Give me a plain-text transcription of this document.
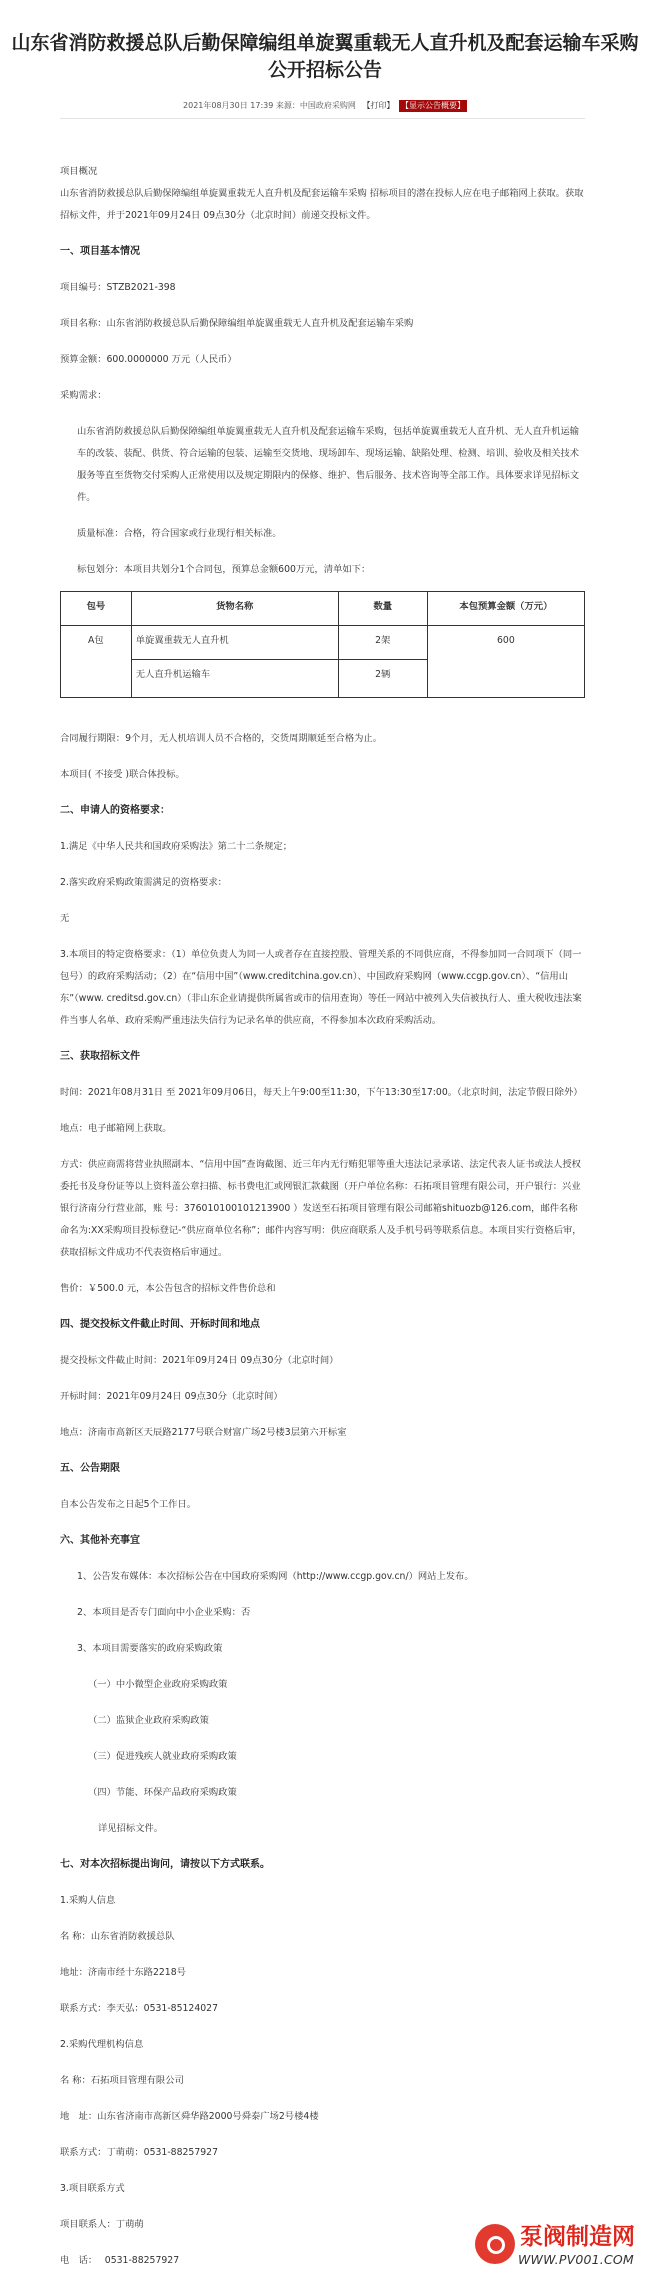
山东省消防救援总队后勤保障编组单旋翼重载无人直升机及配套运输车采购公开招标公告
2021年08月30日 17:39 来源：中国政府采购网 【打印】 【显示公告概要】

项目概况

山东省消防救援总队后勤保障编组单旋翼重载无人直升机及配套运输车采购 招标项目的潜在投标人应在电子邮箱网上获取。获取招标文件，并于2021年09月24日 09点30分（北京时间）前递交投标文件。

一、项目基本情况

项目编号：STZB2021-398

项目名称：山东省消防救援总队后勤保障编组单旋翼重载无人直升机及配套运输车采购

预算金额：600.0000000 万元（人民币）

采购需求：

山东省消防救援总队后勤保障编组单旋翼重载无人直升机及配套运输车采购，包括单旋翼重载无人直升机、无人直升机运输车的改装、装配、供货、符合运输的包装、运输至交货地、现场卸车、现场运输、缺陷处理、检测、培训、验收及相关技术服务等直至货物交付采购人正常使用以及规定期限内的保修、维护、售后服务、技术咨询等全部工作。具体要求详见招标文件。

质量标准：合格，符合国家或行业现行相关标准。

标包划分：本项目共划分1个合同包，预算总金额600万元，清单如下：

包号	货物名称	数量	本包预算金额（万元）
A包	单旋翼重载无人直升机	2架	600
	无人直升机运输车	2辆	

合同履行期限：9个月，无人机培训人员不合格的，交货周期顺延至合格为止。

本项目( 不接受 )联合体投标。

二、申请人的资格要求：

1.满足《中华人民共和国政府采购法》第二十二条规定；

2.落实政府采购政策需满足的资格要求：

无

3.本项目的特定资格要求：（1）单位负责人为同一人或者存在直接控股、管理关系的不同供应商，不得参加同一合同项下（同一包号）的政府采购活动；（2）在“信用中国”（www.creditchina.gov.cn）、中国政府采购网（www.ccgp.gov.cn）、“信用山东”（www. creditsd.gov.cn）（非山东企业请提供所属省或市的信用查询）等任一网站中被列入失信被执行人、重大税收违法案件当事人名单、政府采购严重违法失信行为记录名单的供应商，不得参加本次政府采购活动。

三、获取招标文件

时间：2021年08月31日 至 2021年09月06日，每天上午9:00至11:30，下午13:30至17:00。（北京时间，法定节假日除外）

地点：电子邮箱网上获取。

方式：供应商需将营业执照副本、“信用中国”查询截图、近三年内无行贿犯罪等重大违法记录承诺、法定代表人证书或法人授权委托书及身份证等以上资料盖公章扫描、标书费电汇或网银汇款截图（开户单位名称：石拓项目管理有限公司，开户银行：兴业银行济南分行营业部，账 号：376010100101213900 ）发送至石拓项目管理有限公司邮箱shituozb@126.com，邮件名称命名为:XX采购项目投标登记-“供应商单位名称”；邮件内容写明：供应商联系人及手机号码等联系信息。本项目实行资格后审，获取招标文件成功不代表资格后审通过。

售价：￥500.0 元，本公告包含的招标文件售价总和

四、提交投标文件截止时间、开标时间和地点

提交投标文件截止时间：2021年09月24日 09点30分（北京时间）

开标时间：2021年09月24日 09点30分（北京时间）

地点：济南市高新区天辰路2177号联合财富广场2号楼3层第六开标室

五、公告期限

自本公告发布之日起5个工作日。

六、其他补充事宜

1、公告发布媒体：本次招标公告在中国政府采购网（http://www.ccgp.gov.cn/）网站上发布。

2、本项目是否专门面向中小企业采购：否

3、本项目需要落实的政府采购政策

（一）中小微型企业政府采购政策

（二）监狱企业政府采购政策

（三）促进残疾人就业政府采购政策

（四）节能、环保产品政府采购政策

详见招标文件。

七、对本次招标提出询问，请按以下方式联系。

1.采购人信息

名 称：山东省消防救援总队

地址：济南市经十东路2218号

联系方式：李天弘：0531-85124027

2.采购代理机构信息

名 称：石拓项目管理有限公司

地　址：山东省济南市高新区舜华路2000号舜泰广场2号楼4楼

联系方式：丁萌萌：0531-88257927

3.项目联系方式

项目联系人：丁萌萌

电　话：　 0531-88257927

泵阀制造网
WWW.PV001.COM
